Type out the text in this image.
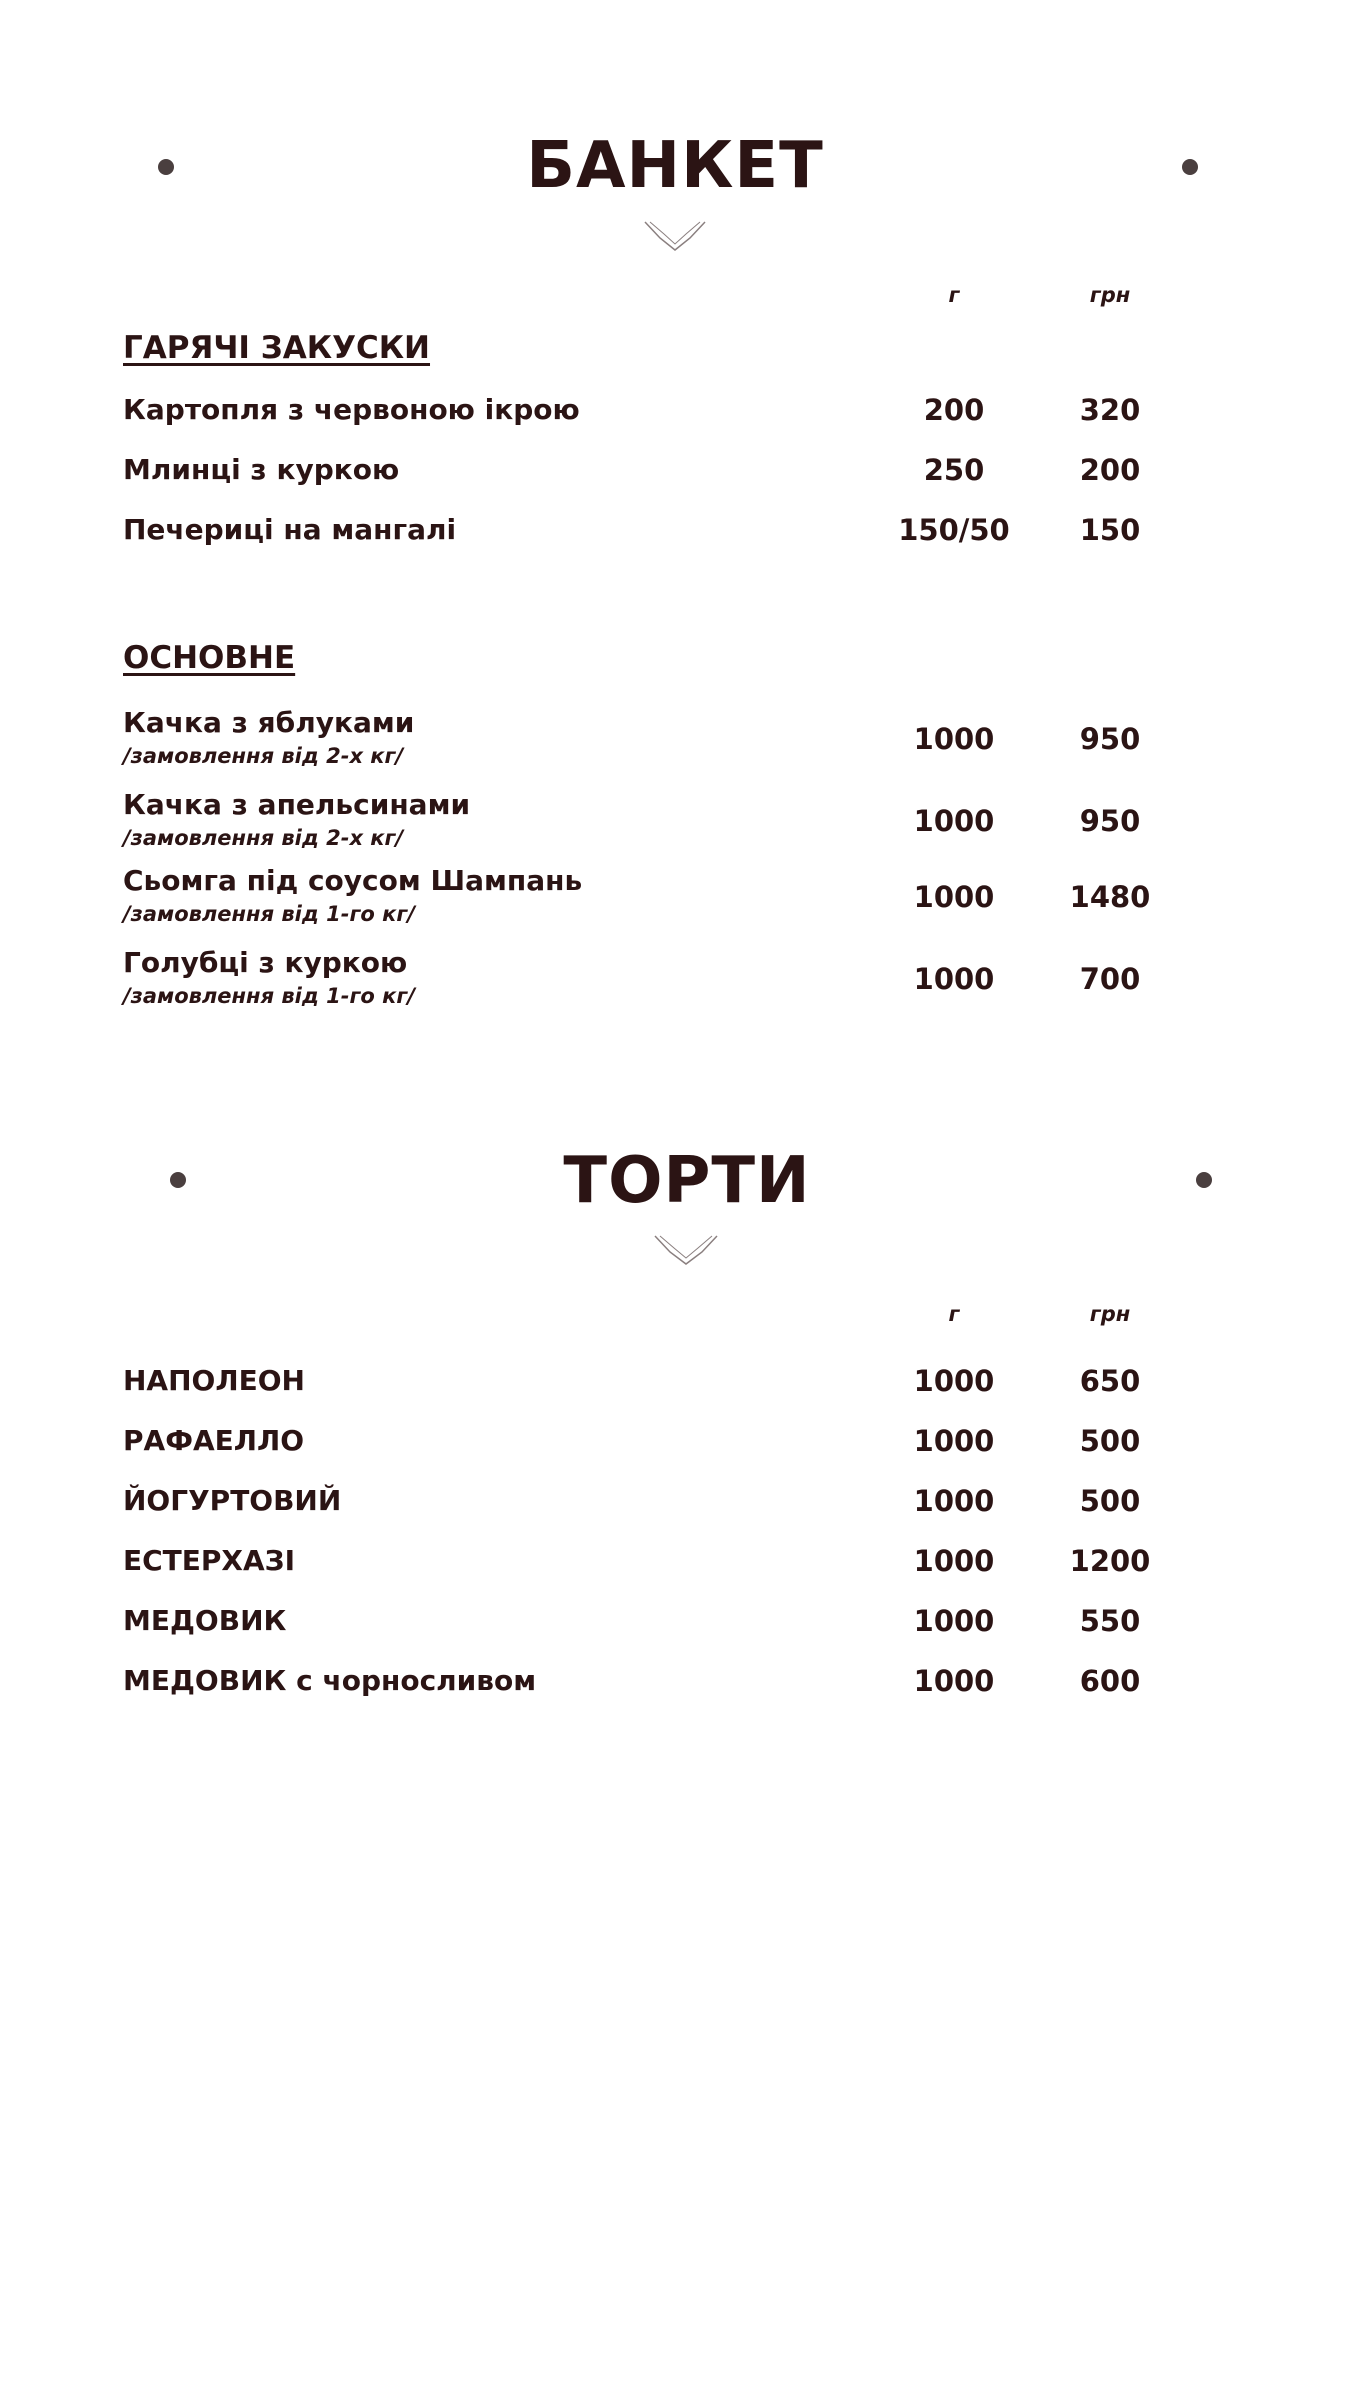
БАНКЕТ
г	грн
ГАРЯЧІ ЗАКУСКИ
Картопля з червоною ікрою	200	320
Млинці з куркою	250	200
Печериці на мангалі	150/50	150
ОСНОВНЕ
Качка з яблуками
/замовлення від 2-х кг/	1000	950
Качка з апельсинами
/замовлення від 2-х кг/	1000	950
Сьомга під соусом Шампань
/замовлення від 1-го кг/	1000	1480
Голубці з куркою
/замовлення від 1-го кг/	1000	700
ТОРТИ
г	грн
НАПОЛЕОН	1000	650
РАФАЕЛЛО	1000	500
ЙОГУРТОВИЙ	1000	500
ЕСТЕРХАЗІ	1000	1200
МЕДОВИК	1000	550
МЕДОВИК с чорносливом	1000	600
